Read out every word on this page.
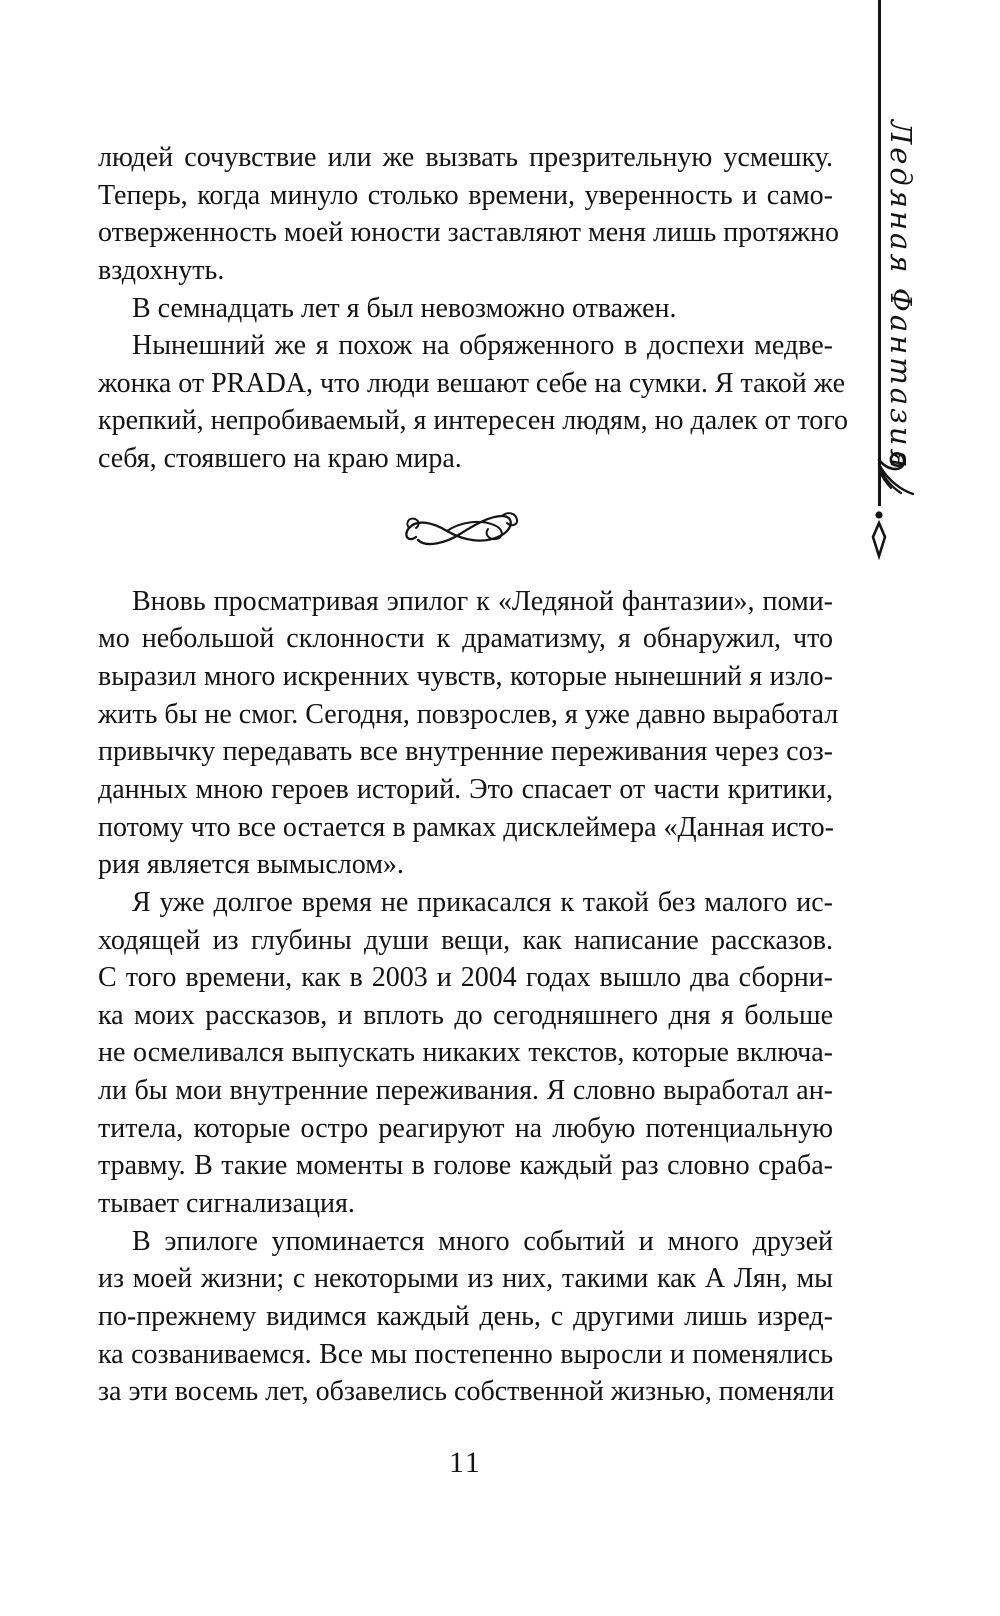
Ледяная Фантазия
людей сочувствие или же вызвать презрительную усмешку.
Теперь, когда минуло столько времени, уверенность и само-
отверженность моей юности заставляют меня лишь протяжно
вздохнуть.
В семнадцать лет я был невозможно отважен.
Нынешний же я похож на обряженного в доспехи медве-
жонка от PRADA, что люди вешают себе на сумки. Я такой же
крепкий, непробиваемый, я интересен людям, но далек от того
себя, стоявшего на краю мира.
Вновь просматривая эпилог к «Ледяной фантазии», поми-
мо небольшой склонности к драматизму, я обнаружил, что
выразил много искренних чувств, которые нынешний я изло-
жить бы не смог. Сегодня, повзрослев, я уже давно выработал
привычку передавать все внутренние переживания через соз-
данных мною героев историй. Это спасает от части критики,
потому что все остается в рамках дисклеймера «Данная исто-
рия является вымыслом».
Я уже долгое время не прикасался к такой без малого ис-
ходящей из глубины души вещи, как написание рассказов.
С того времени, как в 2003 и 2004 годах вышло два сборни-
ка моих рассказов, и вплоть до сегодняшнего дня я больше
не осмеливался выпускать никаких текстов, которые включа-
ли бы мои внутренние переживания. Я словно выработал ан-
титела, которые остро реагируют на любую потенциальную
травму. В такие моменты в голове каждый раз словно сраба-
тывает сигнализация.
В эпилоге упоминается много событий и много друзей
из моей жизни; с некоторыми из них, такими как А Лян, мы
по-прежнему видимся каждый день, с другими лишь изред-
ка созваниваемся. Все мы постепенно выросли и поменялись
за эти восемь лет, обзавелись собственной жизнью, поменяли
11
